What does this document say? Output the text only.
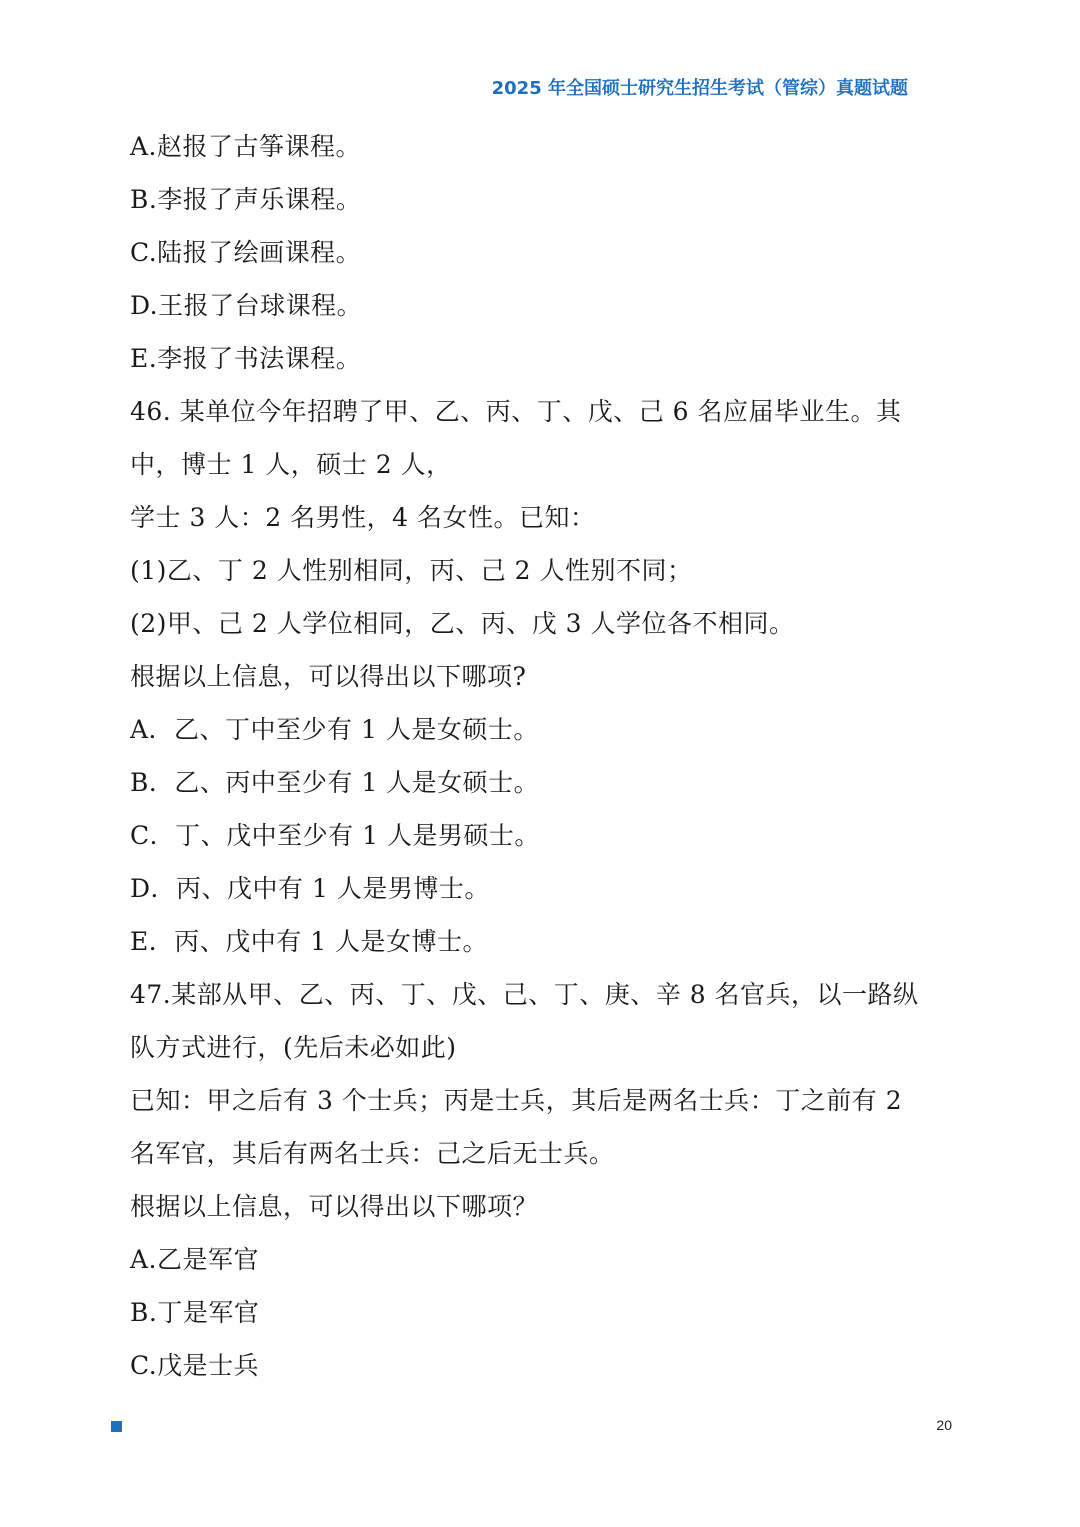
2025 年全国硕士研究生招生考试（管综）真题试题
A.赵报了古筝课程。
B.李报了声乐课程。
C.陆报了绘画课程。
D.王报了台球课程。
E.李报了书法课程。
46. 某单位今年招聘了甲、乙、丙、丁、戊、己 6 名应届毕业生。其
中，博士 1 人，硕士 2 人，
学士 3 人：2 名男性，4 名女性。已知：
(1)乙、丁 2 人性别相同，丙、己 2 人性别不同；
(2)甲、己 2 人学位相同，乙、丙、戊 3 人学位各不相同。
根据以上信息，可以得出以下哪项?
A．乙、丁中至少有 1 人是女硕士。
B．乙、丙中至少有 1 人是女硕士。
C．丁、戊中至少有 1 人是男硕士。
D．丙、戊中有 1 人是男博士。
E．丙、戊中有 1 人是女博士。
47.某部从甲、乙、丙、丁、戊、己、丁、庚、辛 8 名官兵，以一路纵
队方式进行，(先后未必如此)
已知：甲之后有 3 个士兵；丙是士兵，其后是两名士兵：丁之前有 2
名军官，其后有两名士兵：己之后无士兵。
根据以上信息，可以得出以下哪项？
A.乙是军官
B.丁是军官
C.戊是士兵
20
